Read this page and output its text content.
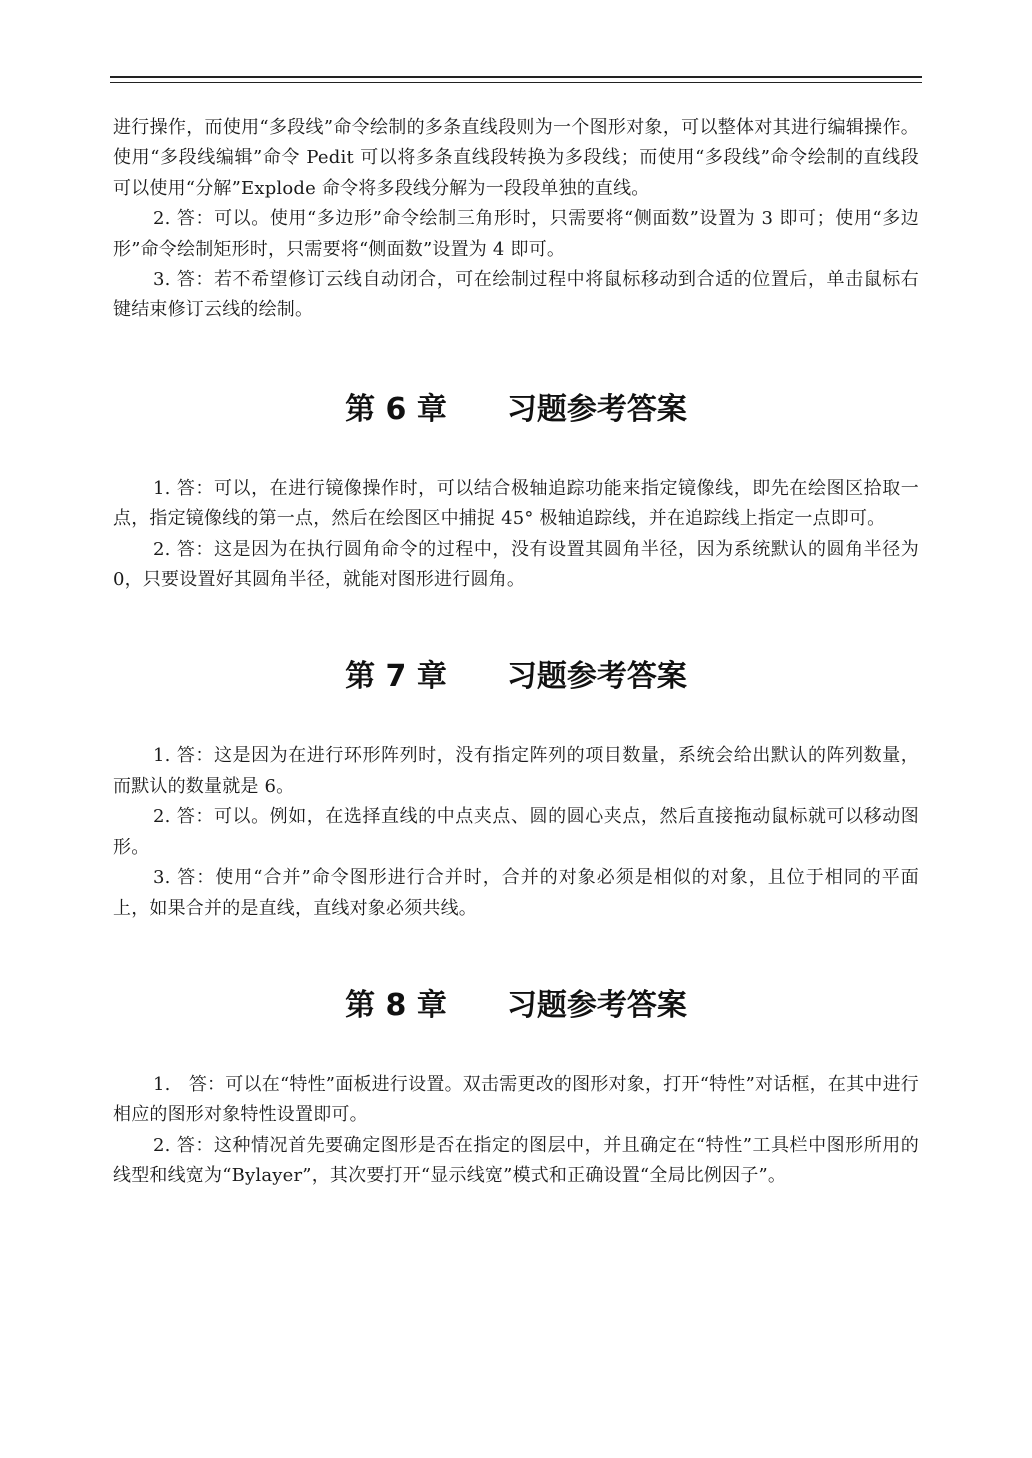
进行操作，而使用“多段线”命令绘制的多条直线段则为一个图形对象，可以整体对其进行编辑操作。使用“多段线编辑”命令 Pedit 可以将多条直线段转换为多段线；而使用“多段线”命令绘制的直线段可以使用“分解”Explode 命令将多段线分解为一段段单独的直线。

2. 答：可以。使用“多边形”命令绘制三角形时，只需要将“侧面数”设置为 3 即可；使用“多边形”命令绘制矩形时，只需要将“侧面数”设置为 4 即可。

3. 答：若不希望修订云线自动闭合，可在绘制过程中将鼠标移动到合适的位置后，单击鼠标右键结束修订云线的绘制。

第 6 章　　习题参考答案

1. 答：可以，在进行镜像操作时，可以结合极轴追踪功能来指定镜像线，即先在绘图区拾取一点，指定镜像线的第一点，然后在绘图区中捕捉 45° 极轴追踪线，并在追踪线上指定一点即可。

2. 答：这是因为在执行圆角命令的过程中，没有设置其圆角半径，因为系统默认的圆角半径为 0，只要设置好其圆角半径，就能对图形进行圆角。

第 7 章　　习题参考答案

1. 答：这是因为在进行环形阵列时，没有指定阵列的项目数量，系统会给出默认的阵列数量，而默认的数量就是 6。

2. 答：可以。例如，在选择直线的中点夹点、圆的圆心夹点，然后直接拖动鼠标就可以移动图形。

3. 答：使用“合并”命令图形进行合并时，合并的对象必须是相似的对象，且位于相同的平面上，如果合并的是直线，直线对象必须共线。

第 8 章　　习题参考答案

1.　答：可以在“特性”面板进行设置。双击需更改的图形对象，打开“特性”对话框，在其中进行相应的图形对象特性设置即可。

2. 答：这种情况首先要确定图形是否在指定的图层中，并且确定在“特性”工具栏中图形所用的线型和线宽为“Bylayer”，其次要打开“显示线宽”模式和正确设置“全局比例因子”。
